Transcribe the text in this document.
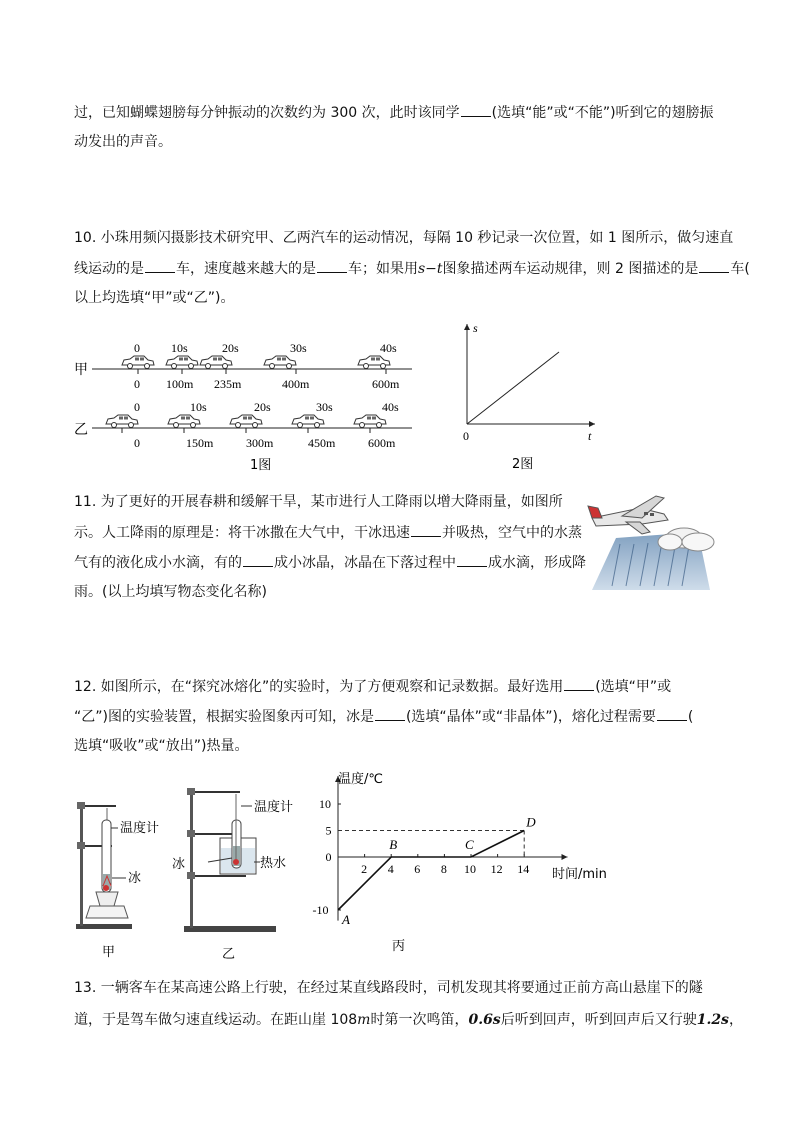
过，已知蝴蝶翅膀每分钟振动的次数约为 300 次，此时该同学 (选填“能”或“不能”)听到它的翅膀振
动发出的声音。
10. 小珠用频闪摄影技术研究甲、乙两汽车的运动情况，每隔 10 秒记录一次位置，如 1 图所示，做匀速直
线运动的是 车，速度越来越大的是 车；如果用s−t图象描述两车运动规律，则 2 图描述的是 车(
以上均选填“甲”或“乙”)。
甲
0	10s	20s	30s	40s
0 100m 235m	400m	600m
乙
0	10s	20s	30s	40s
0	150m	300m	450m	600m
1图
s
t
0
2图
11. 为了更好的开展春耕和缓解干旱，某市进行人工降雨以增大降雨量，如图所
示。人工降雨的原理是：将干冰撒在大气中，干冰迅速 并吸热，空气中的水蒸
气有的液化成小水滴，有的 成小冰晶，冰晶在下落过程中 成水滴，形成降
雨。(以上均填写物态变化名称)
12. 如图所示，在“探究冰熔化”的实验时，为了方便观察和记录数据。最好选用 (选填“甲”或
“乙”)图的实验装置，根据实验图象丙可知，冰是 (选填“晶体”或“非晶体”)，熔化过程需要 (
选填“吸收”或“放出”)热量。
温度计
冰
甲
温度计
冰	热水
乙
2 4 6 8 10 12 14
-10
0
5
10
A
B	C
D
温度/℃
时间/min
丙
13. 一辆客车在某高速公路上行驶，在经过某直线路段时，司机发现其将要通过正前方高山悬崖下的隧
道，于是驾车做匀速直线运动。在距山崖 108m时第一次鸣笛，0.6s后听到回声，听到回声后又行驶1.2s，
